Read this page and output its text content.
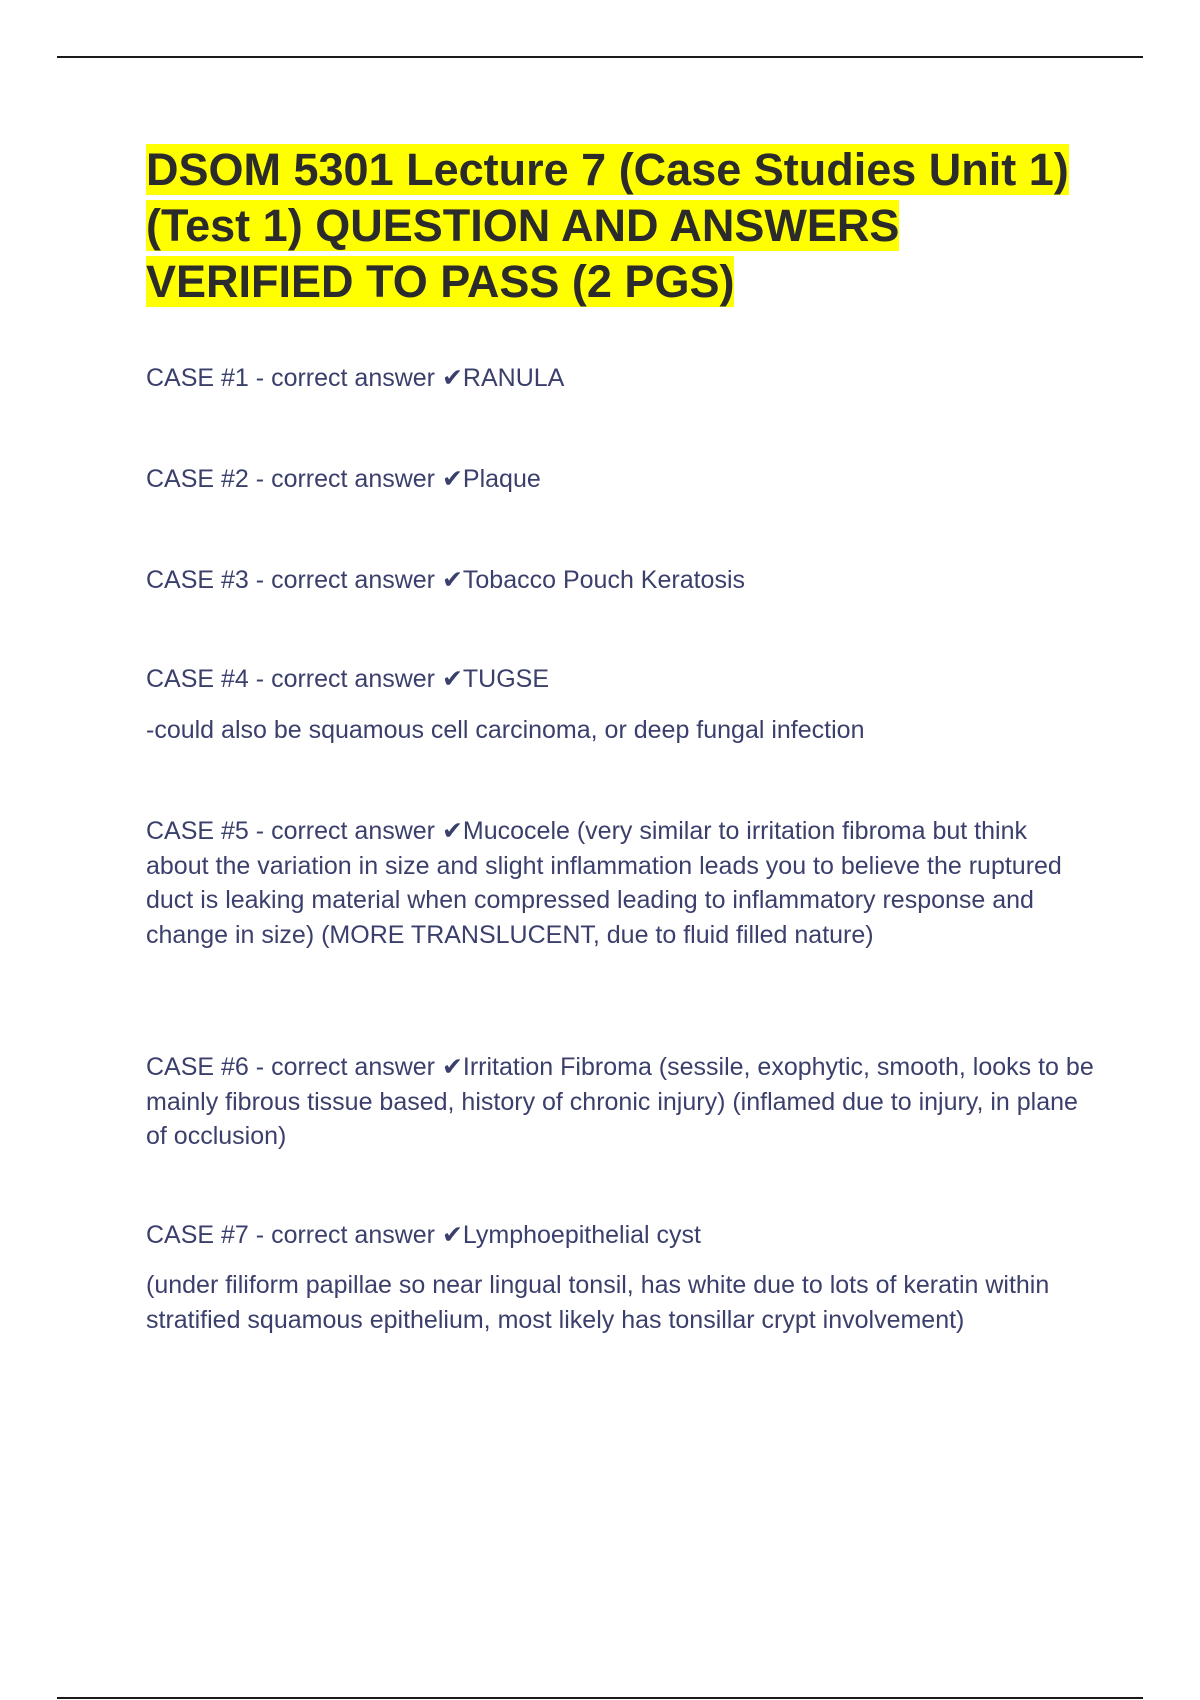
DSOM 5301 Lecture 7 (Case Studies Unit 1) (Test 1) QUESTION AND ANSWERS VERIFIED TO PASS (2 PGS)

CASE #1 - correct answer ✔RANULA

CASE #2 - correct answer ✔Plaque

CASE #3 - correct answer ✔Tobacco Pouch Keratosis

CASE #4 - correct answer ✔TUGSE

-could also be squamous cell carcinoma, or deep fungal infection

CASE #5 - correct answer ✔Mucocele (very similar to irritation fibroma but think about the variation in size and slight inflammation leads you to believe the ruptured duct is leaking material when compressed leading to inflammatory response and change in size) (MORE TRANSLUCENT, due to fluid filled nature)

CASE #6 - correct answer ✔Irritation Fibroma (sessile, exophytic, smooth, looks to be mainly fibrous tissue based, history of chronic injury) (inflamed due to injury, in plane of occlusion)

CASE #7 - correct answer ✔Lymphoepithelial cyst

(under filiform papillae so near lingual tonsil, has white due to lots of keratin within stratified squamous epithelium, most likely has tonsillar crypt involvement)
